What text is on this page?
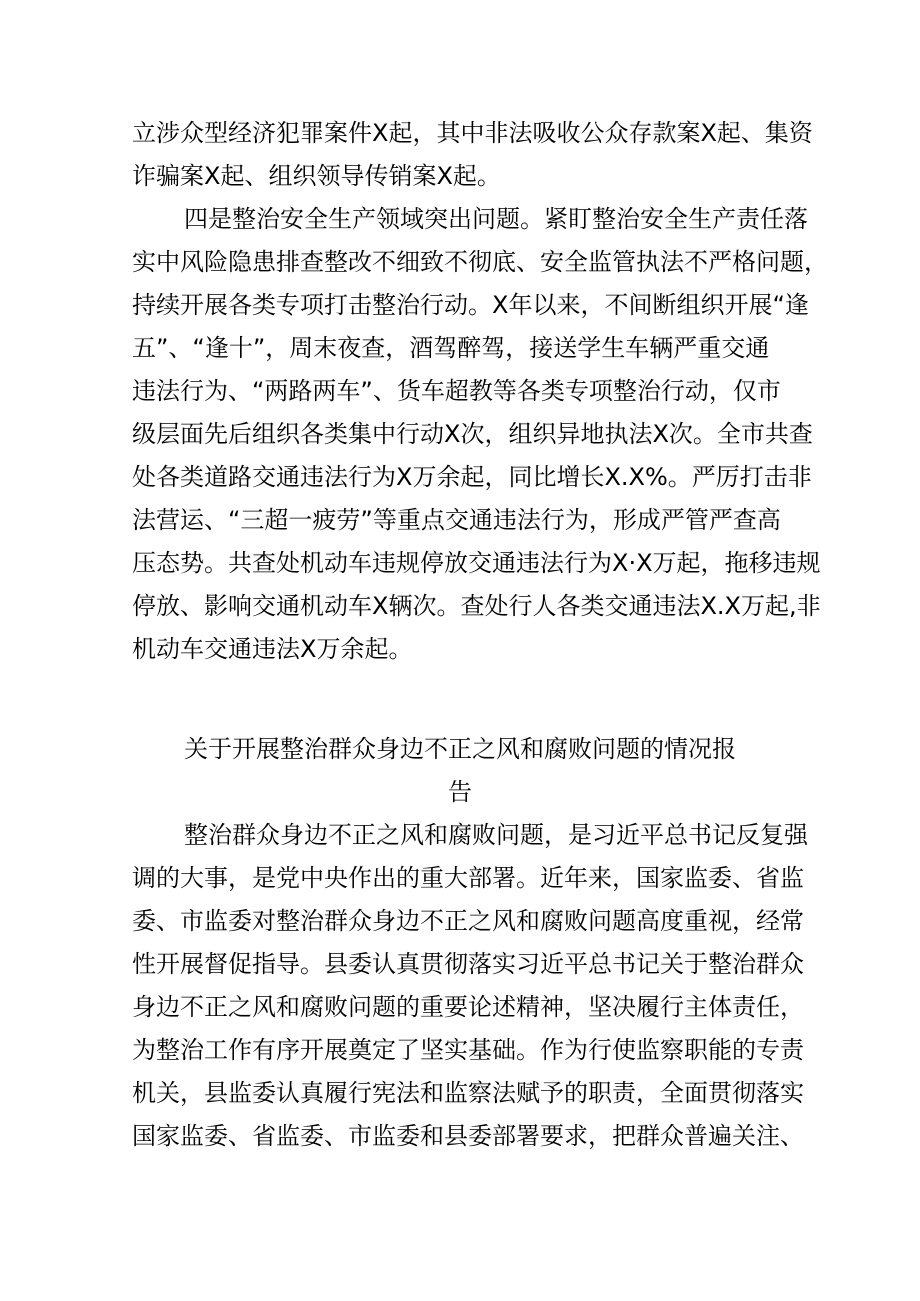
立涉众型经济犯罪案件X起，其中非法吸收公众存款案X起、集资
诈骗案X起、组织领导传销案X起。
四是整治安全生产领域突出问题。紧盯整治安全生产责任落
实中风险隐患排查整改不细致不彻底、安全监管执法不严格问题，
持续开展各类专项打击整治行动。X年以来，不间断组织开展“逢
五”、“逢十”，周末夜查，酒驾醉驾，接送学生车辆严重交通
违法行为、“两路两车”、货车超教等各类专项整治行动，仅市
级层面先后组织各类集中行动X次，组织异地执法X次。全市共查
处各类道路交通违法行为X万余起，同比增长X.X%。严厉打击非
法营运、“三超一疲劳”等重点交通违法行为，形成严管严查高
压态势。共查处机动车违规停放交通违法行为X·X万起，拖移违规
停放、影响交通机动车X辆次。查处行人各类交通违法X.X万起,非
机动车交通违法X万余起。
关于开展整治群众身边不正之风和腐败问题的情况报
告
整治群众身边不正之风和腐败问题，是习近平总书记反复强
调的大事，是党中央作出的重大部署。近年来，国家监委、省监
委、市监委对整治群众身边不正之风和腐败问题高度重视，经常
性开展督促指导。县委认真贯彻落实习近平总书记关于整治群众
身边不正之风和腐败问题的重要论述精神，坚决履行主体责任，
为整治工作有序开展奠定了坚实基础。作为行使监察职能的专责
机关，县监委认真履行宪法和监察法赋予的职责，全面贯彻落实
国家监委、省监委、市监委和县委部署要求，把群众普遍关注、
